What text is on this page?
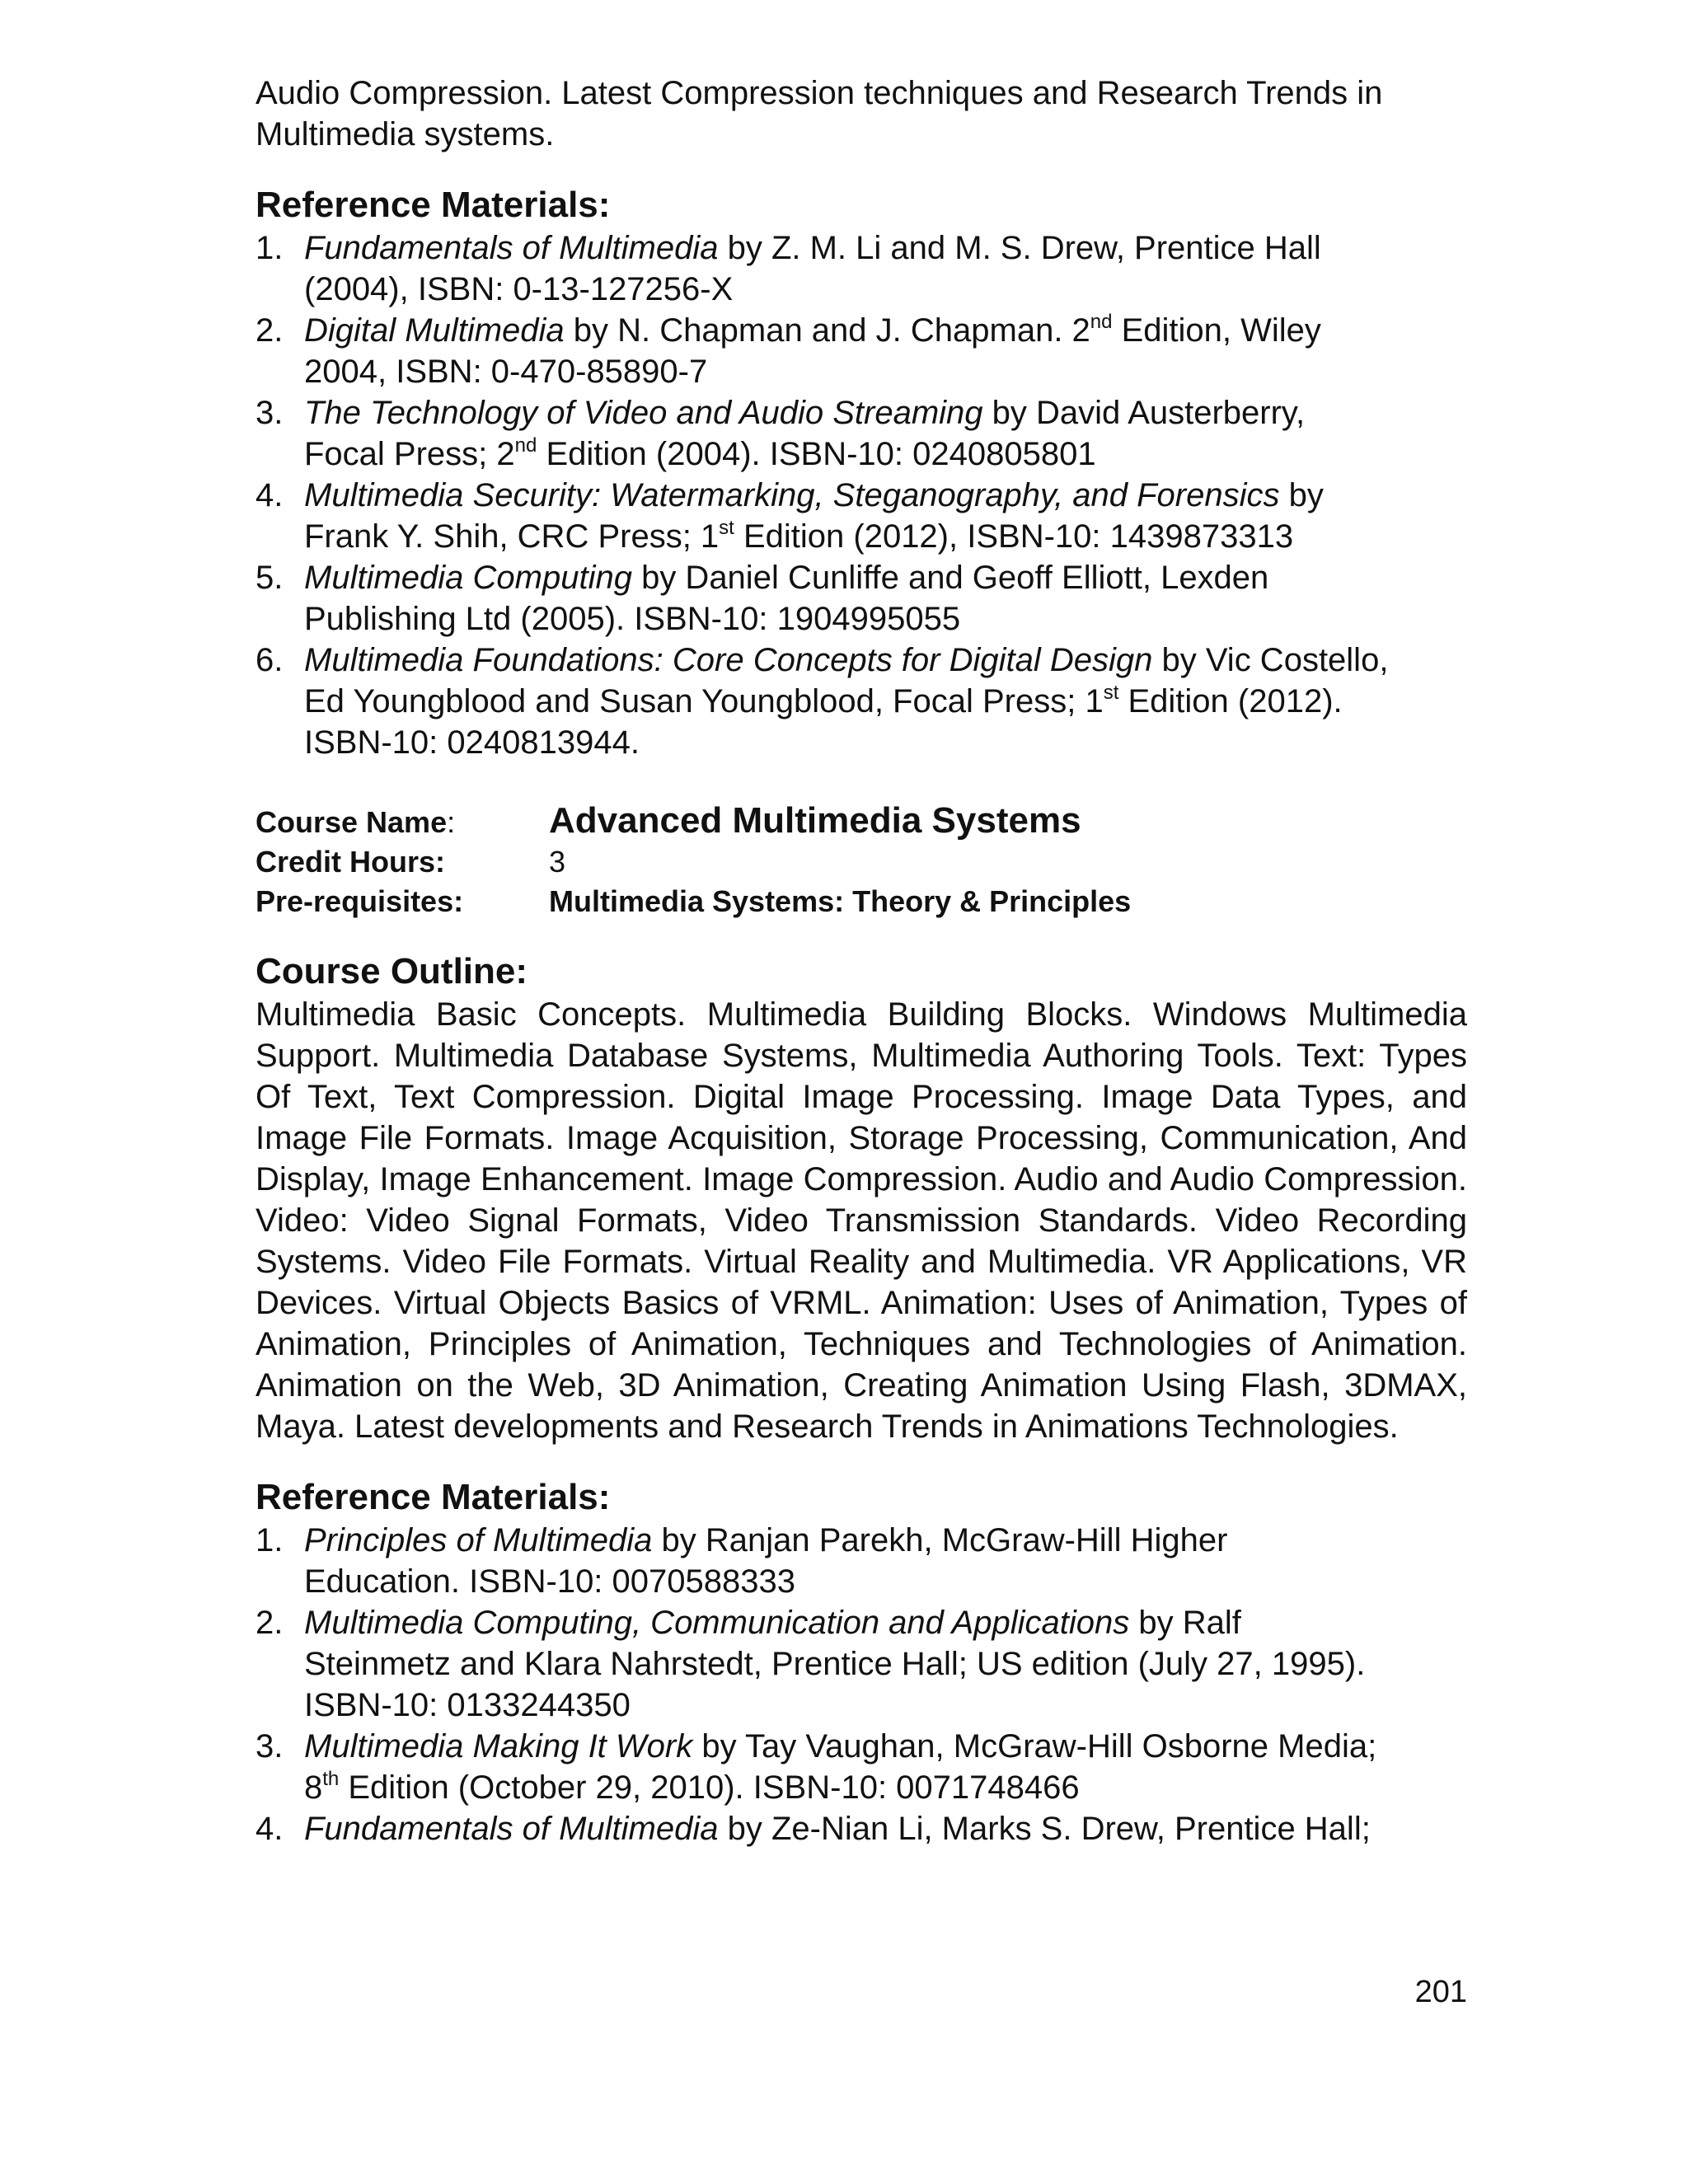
Audio Compression. Latest Compression techniques and Research Trends in
Multimedia systems.

Reference Materials:
1. Fundamentals of Multimedia by Z. M. Li and M. S. Drew, Prentice Hall
(2004), ISBN: 0-13-127256-X
2. Digital Multimedia by N. Chapman and J. Chapman. 2nd Edition, Wiley
2004, ISBN: 0-470-85890-7
3. The Technology of Video and Audio Streaming by David Austerberry,
Focal Press; 2nd Edition (2004). ISBN-10: 0240805801
4. Multimedia Security: Watermarking, Steganography, and Forensics by
Frank Y. Shih, CRC Press; 1st Edition (2012), ISBN-10: 1439873313
5. Multimedia Computing by Daniel Cunliffe and Geoff Elliott, Lexden
Publishing Ltd (2005). ISBN-10: 1904995055
6. Multimedia Foundations: Core Concepts for Digital Design by Vic Costello,
Ed Youngblood and Susan Youngblood, Focal Press; 1st Edition (2012).
ISBN-10: 0240813944.
Course Name:	Advanced Multimedia Systems
Credit Hours:	3
Pre-requisites:	Multimedia Systems: Theory & Principles
Course Outline:

Multimedia Basic Concepts. Multimedia Building Blocks. Windows Multimedia Support. Multimedia Database Systems, Multimedia Authoring Tools. Text: Types Of Text, Text Compression. Digital Image Processing. Image Data Types, and Image File Formats. Image Acquisition, Storage Processing, Communication, And Display, Image Enhancement. Image Compression. Audio and Audio Compression. Video: Video Signal Formats, Video Transmission Standards. Video Recording Systems. Video File Formats. Virtual Reality and Multimedia. VR Applications, VR Devices. Virtual Objects Basics of VRML. Animation: Uses of Animation, Types of Animation, Principles of Animation, Techniques and Technologies of Animation. Animation on the Web, 3D Animation, Creating Animation Using Flash, 3DMAX, Maya. Latest developments and Research Trends in Animations Technologies.

Reference Materials:
1. Principles of Multimedia by Ranjan Parekh, McGraw-Hill Higher
Education. ISBN-10: 0070588333
2. Multimedia Computing, Communication and Applications by Ralf
Steinmetz and Klara Nahrstedt, Prentice Hall; US edition (July 27, 1995).
ISBN-10: 0133244350
3. Multimedia Making It Work by Tay Vaughan, McGraw-Hill Osborne Media;
8th Edition (October 29, 2010). ISBN-10: 0071748466
4. Fundamentals of Multimedia by Ze-Nian Li, Marks S. Drew, Prentice Hall;
201
